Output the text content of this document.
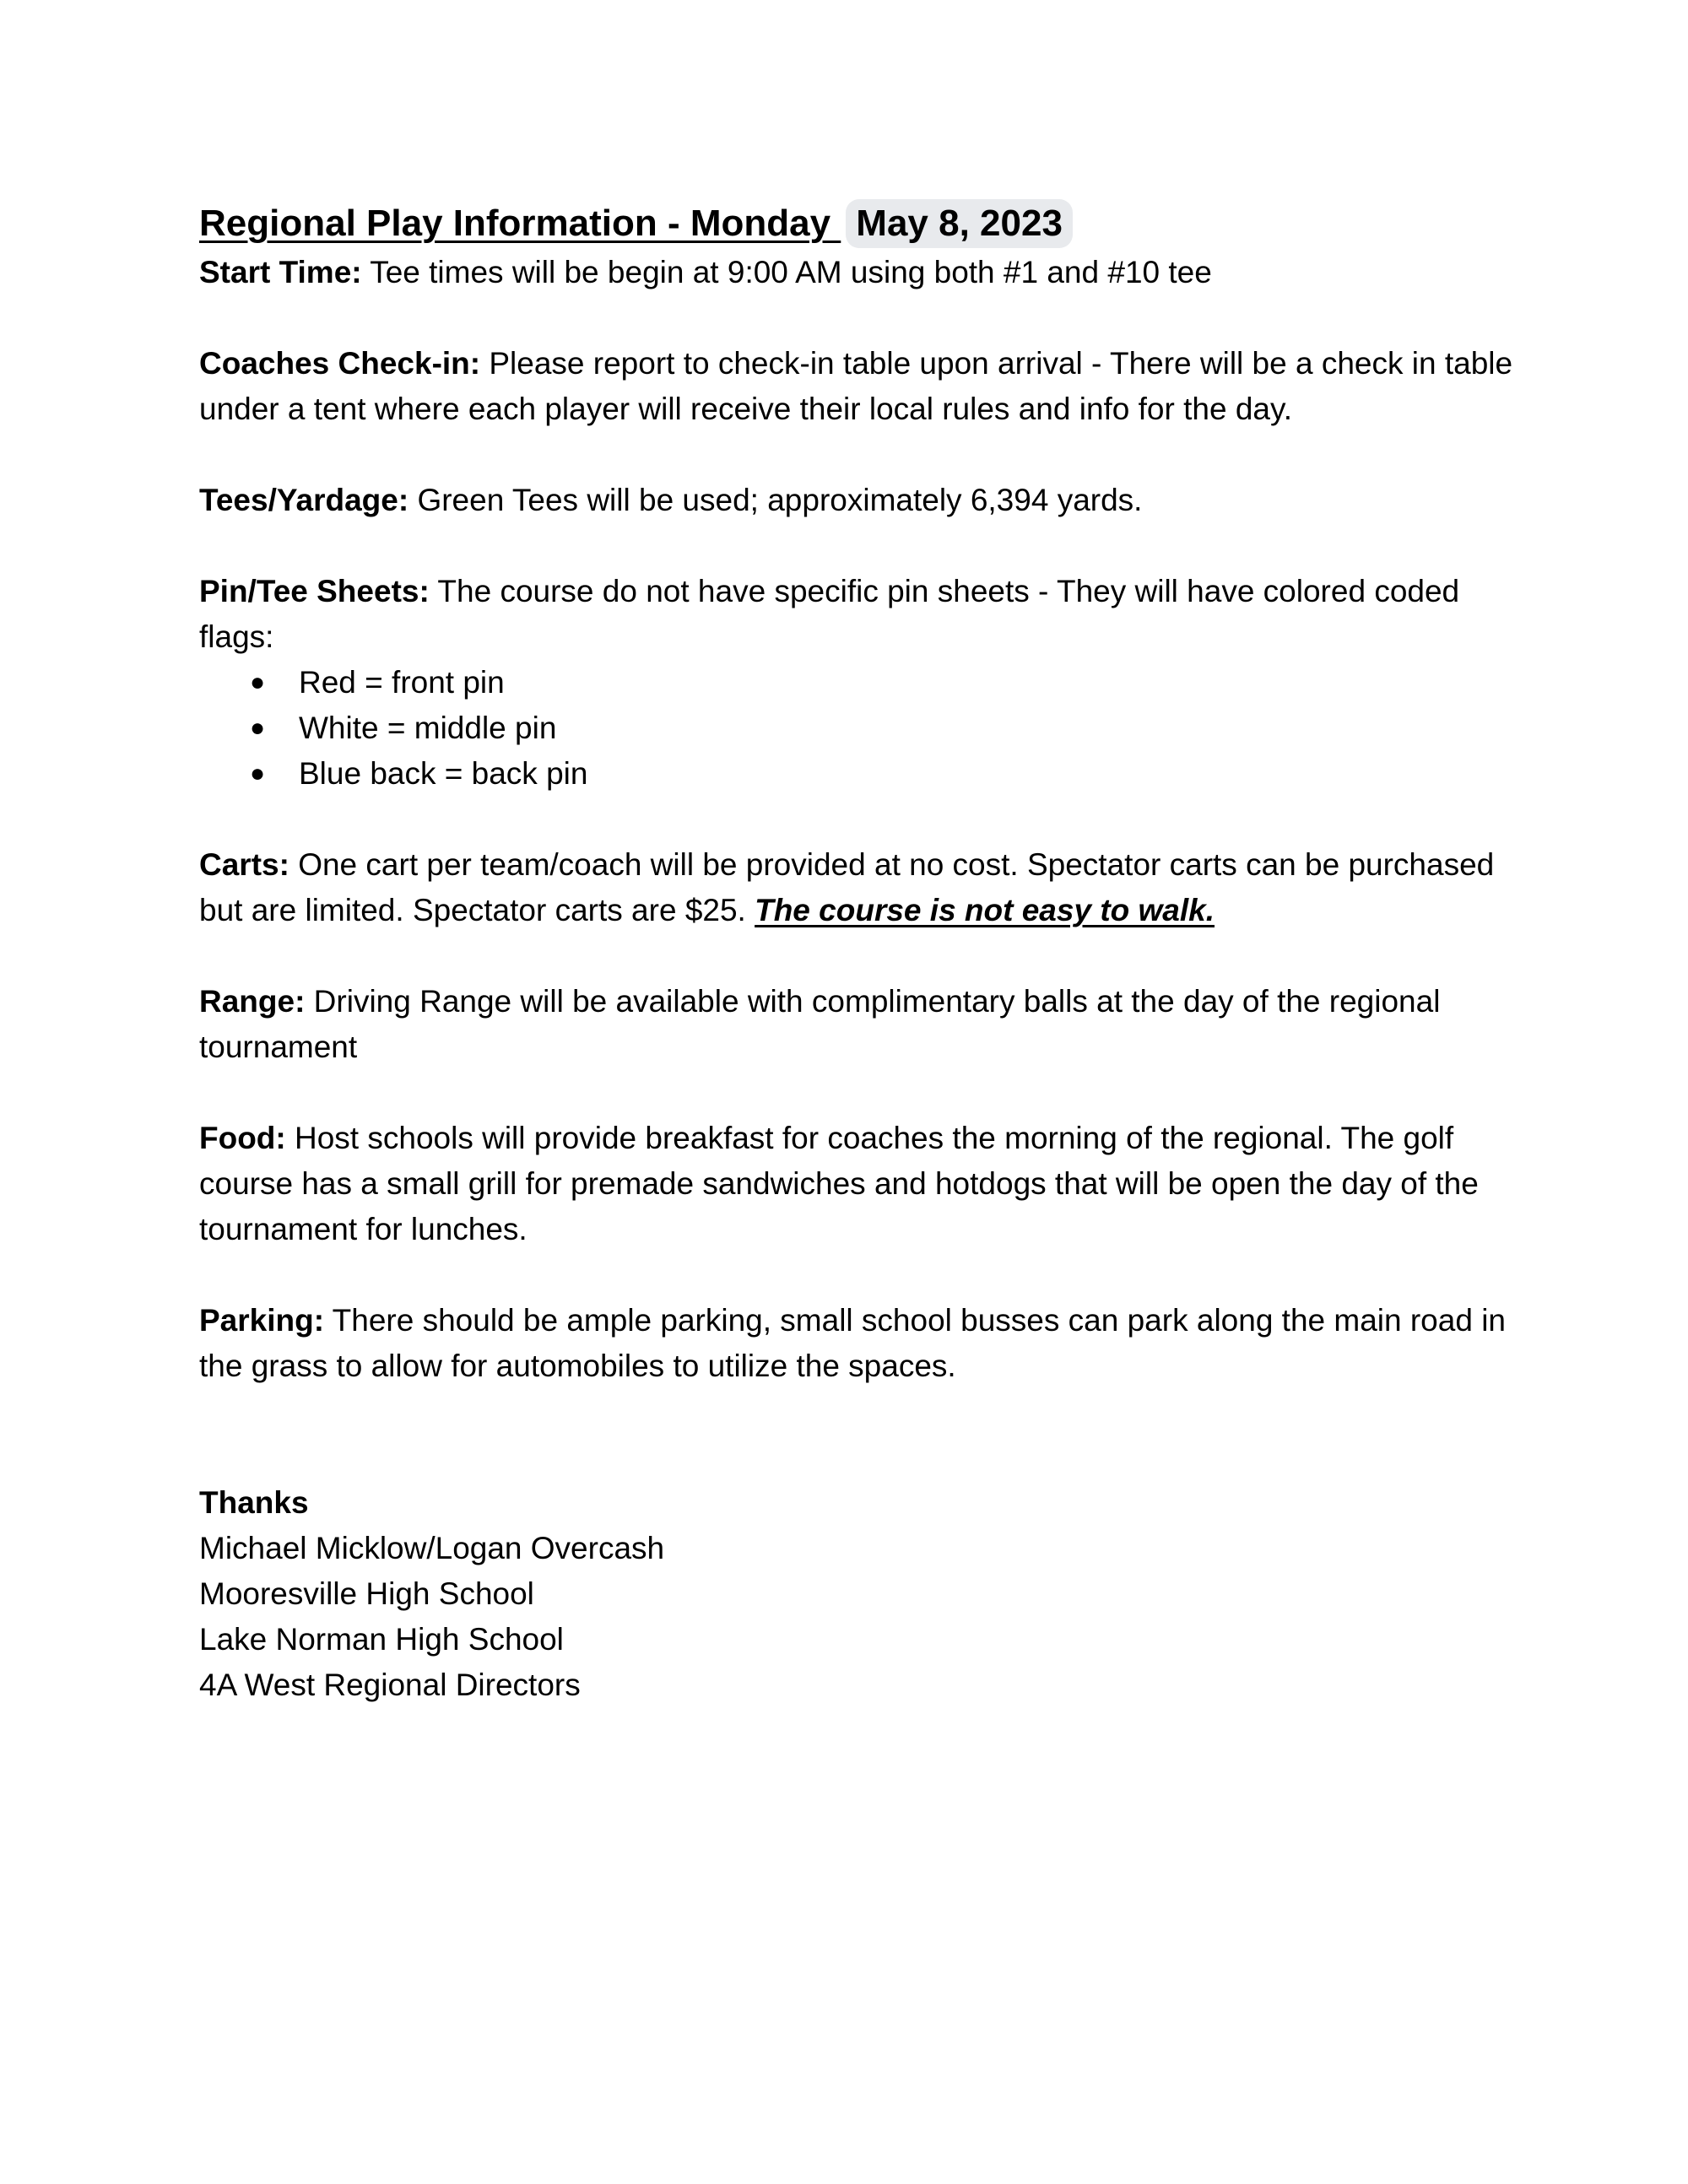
Regional Play Information - Monday May 8, 2023

Start Time: Tee times will be begin at 9:00 AM using both #1 and #10 tee

Coaches Check-in: Please report to check-in table upon arrival - There will be a check in table under a tent where each player will receive their local rules and info for the day.

Tees/Yardage: Green Tees will be used; approximately 6,394 yards.

Pin/Tee Sheets: The course do not have specific pin sheets - They will have colored coded flags:

● Red = front pin
● White = middle pin
● Blue back = back pin

Carts: One cart per team/coach will be provided at no cost. Spectator carts can be purchased but are limited. Spectator carts are $25. The course is not easy to walk.

Range: Driving Range will be available with complimentary balls at the day of the regional tournament

Food: Host schools will provide breakfast for coaches the morning of the regional. The golf course has a small grill for premade sandwiches and hotdogs that will be open the day of the tournament for lunches.

Parking: There should be ample parking, small school busses can park along the main road in the grass to allow for automobiles to utilize the spaces.

Thanks
Michael Micklow/Logan Overcash
Mooresville High School
Lake Norman High School
4A West Regional Directors
